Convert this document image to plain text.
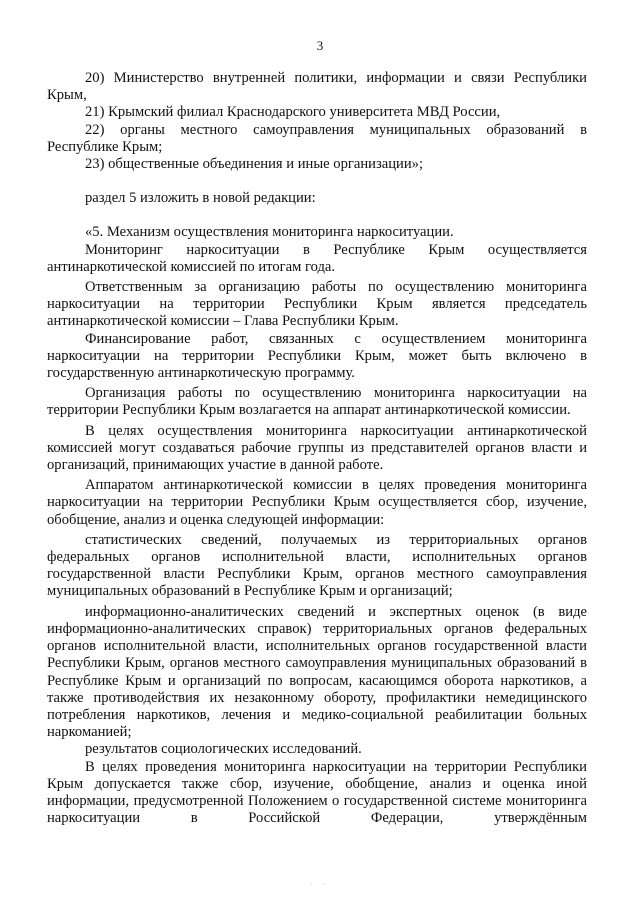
3

20) Министерство внутренней политики, информации и связи Республики Крым,

21) Крымский филиал Краснодарского университета МВД России,

22) органы местного самоуправления муниципальных образований в Республике Крым;

23) общественные объединения и иные организации»;

раздел 5 изложить в новой редакции:

«5. Механизм осуществления мониторинга наркоситуации.

Мониторинг наркоситуации в Республике Крым осуществляется антинаркотической комиссией по итогам года.

Ответственным за организацию работы по осуществлению мониторинга наркоситуации на территории Республики Крым является председатель антинаркотической комиссии – Глава Республики Крым.

Финансирование работ, связанных с осуществлением мониторинга наркоситуации на территории Республики Крым, может быть включено в государственную антинаркотическую программу.

Организация работы по осуществлению мониторинга наркоситуации на территории Республики Крым возлагается на аппарат антинаркотической комиссии.

В целях осуществления мониторинга наркоситуации антинаркотической комиссией могут создаваться рабочие группы из представителей органов власти и организаций, принимающих участие в данной работе.

Аппаратом антинаркотической комиссии в целях проведения мониторинга наркоситуации на территории Республики Крым осуществляется сбор, изучение, обобщение, анализ и оценка следующей информации:

статистических сведений, получаемых из территориальных органов федеральных органов исполнительной власти, исполнительных органов государственной власти Республики Крым, органов местного самоуправления муниципальных образований в Республике Крым и организаций;

информационно-аналитических сведений и экспертных оценок (в виде информационно-аналитических справок) территориальных органов федеральных органов исполнительной власти, исполнительных органов государственной власти Республики Крым, органов местного самоуправления муниципальных образований в Республике Крым и организаций по вопросам, касающимся оборота наркотиков, а также противодействия их незаконному обороту, профилактики немедицинского потребления наркотиков, лечения и медико-социальной реабилитации больных наркоманией;

результатов социологических исследований.

В целях проведения мониторинга наркоситуации на территории Республики Крым допускается также сбор, изучение, обобщение, анализ и оценка иной информации, предусмотренной Положением о государственной системе мониторинга наркоситуации в Российской Федерации, утверждённым

· ·
